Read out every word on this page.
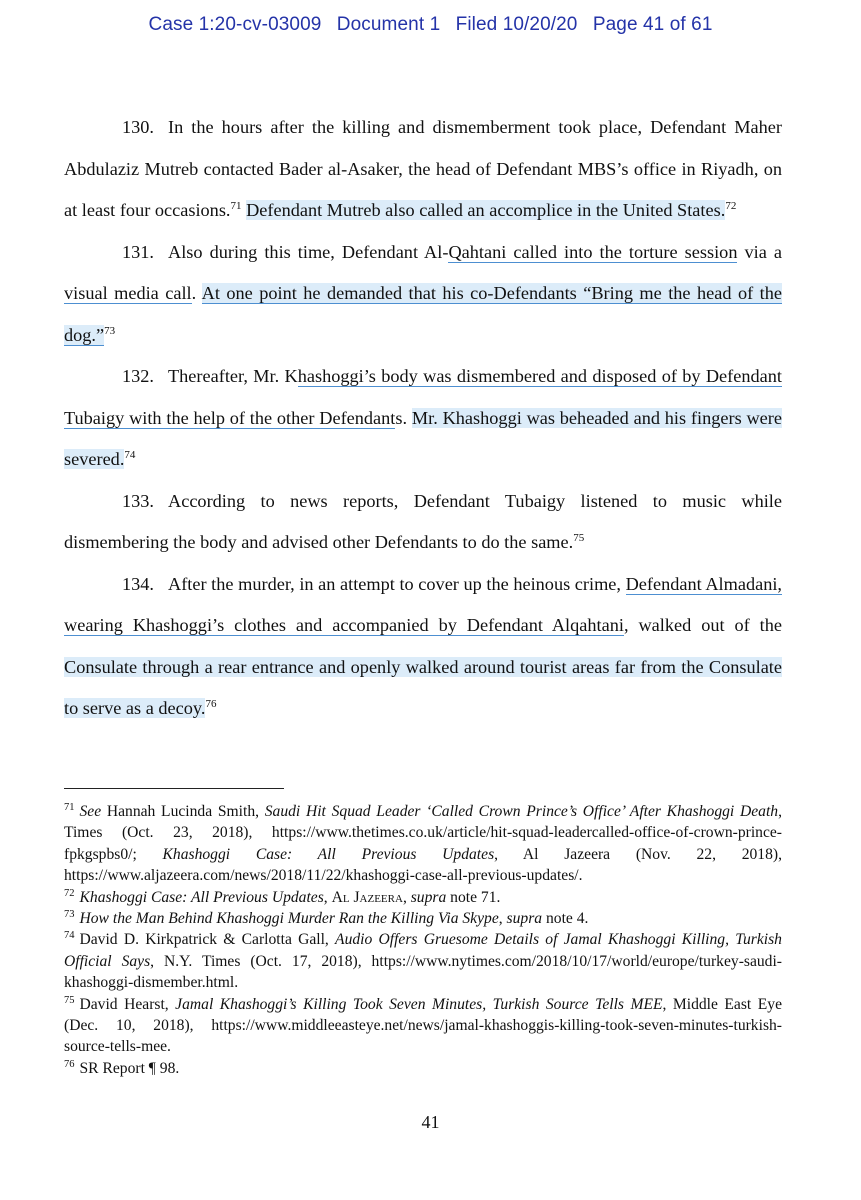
Case 1:20-cv-03009 Document 1 Filed 10/20/20 Page 41 of 61

130. In the hours after the killing and dismemberment took place, Defendant Maher Abdulaziz Mutreb contacted Bader al-Asaker, the head of Defendant MBS’s office in Riyadh, on at least four occasions.$^{71}$ Defendant Mutreb also called an accomplice in the United States.$^{72}$

131. Also during this time, Defendant Al-Qahtani called into the torture session via a visual media call. At one point he demanded that his co-Defendants “Bring me the head of the dog.”$^{73}$

132. Thereafter, Mr. Khashoggi’s body was dismembered and disposed of by Defendant Tubaigy with the help of the other Defendants. Mr. Khashoggi was beheaded and his fingers were severed.$^{74}$

133. According to news reports, Defendant Tubaigy listened to music while dismembering the body and advised other Defendants to do the same.$^{75}$

134. After the murder, in an attempt to cover up the heinous crime, Defendant Almadani, wearing Khashoggi’s clothes and accompanied by Defendant Alqahtani, walked out of the Consulate through a rear entrance and openly walked around tourist areas far from the Consulate to serve as a decoy.$^{76}$

$^{71}$ See Hannah Lucinda Smith, Saudi Hit Squad Leader ‘Called Crown Prince’s Office’ After Khashoggi Death, Times (Oct. 23, 2018), https://www.thetimes.co.uk/article/hit-squad-leadercalled-office-of-crown-prince-fpkgspbs0/; Khashoggi Case: All Previous Updates, Al Jazeera (Nov. 22, 2018), https://www.aljazeera.com/news/2018/11/22/khashoggi-case-all-previous-updates/.

$^{72}$ Khashoggi Case: All Previous Updates, Al Jazeera, supra note 71.

$^{73}$ How the Man Behind Khashoggi Murder Ran the Killing Via Skype, supra note 4.

$^{74}$ David D. Kirkpatrick & Carlotta Gall, Audio Offers Gruesome Details of Jamal Khashoggi Killing, Turkish Official Says, N.Y. Times (Oct. 17, 2018), https://www.nytimes.com/2018/10/17/world/europe/turkey-saudi-khashoggi-dismember.html.

$^{75}$ David Hearst, Jamal Khashoggi’s Killing Took Seven Minutes, Turkish Source Tells MEE, Middle East Eye (Dec. 10, 2018), https://www.middleeasteye.net/news/jamal-khashoggis-killing-took-seven-minutes-turkish-source-tells-mee.

$^{76}$ SR Report ¶ 98.

41
